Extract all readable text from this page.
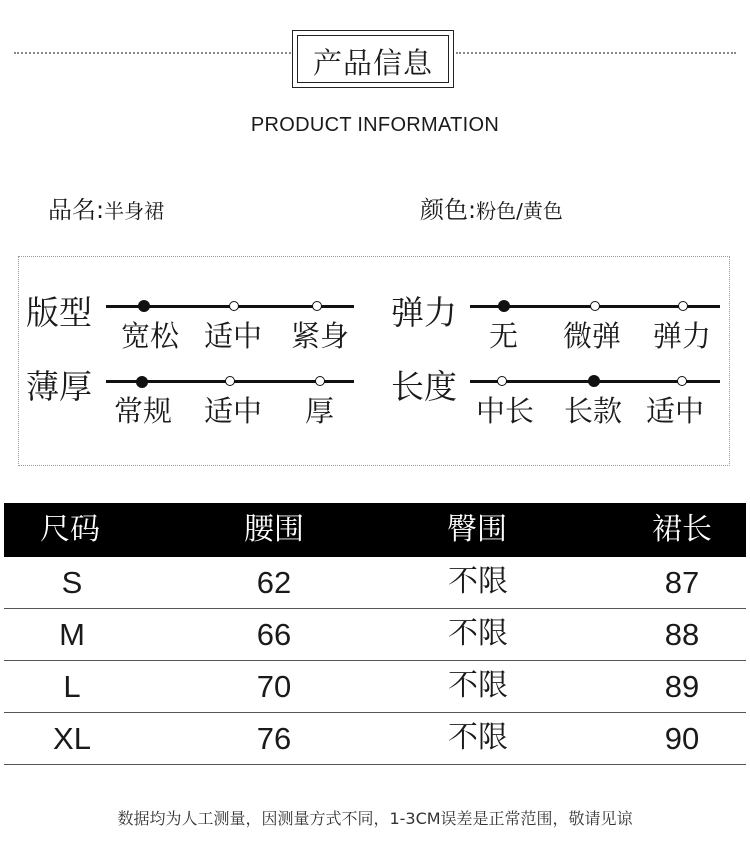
产品信息
PRODUCT INFORMATION
品名:半身裙	颜色:粉色/黄色
版型
宽松 适中 紧身
弹力
无 微弹 弹力
薄厚
常规 适中 厚
长度
中长 长款 适中
尺码	腰围	臀围	裙长
S	62	不限	87
M	66	不限	88
L	70	不限	89
XL	76	不限	90
数据均为人工测量，因测量方式不同，1-3CM误差是正常范围，敬请见谅
